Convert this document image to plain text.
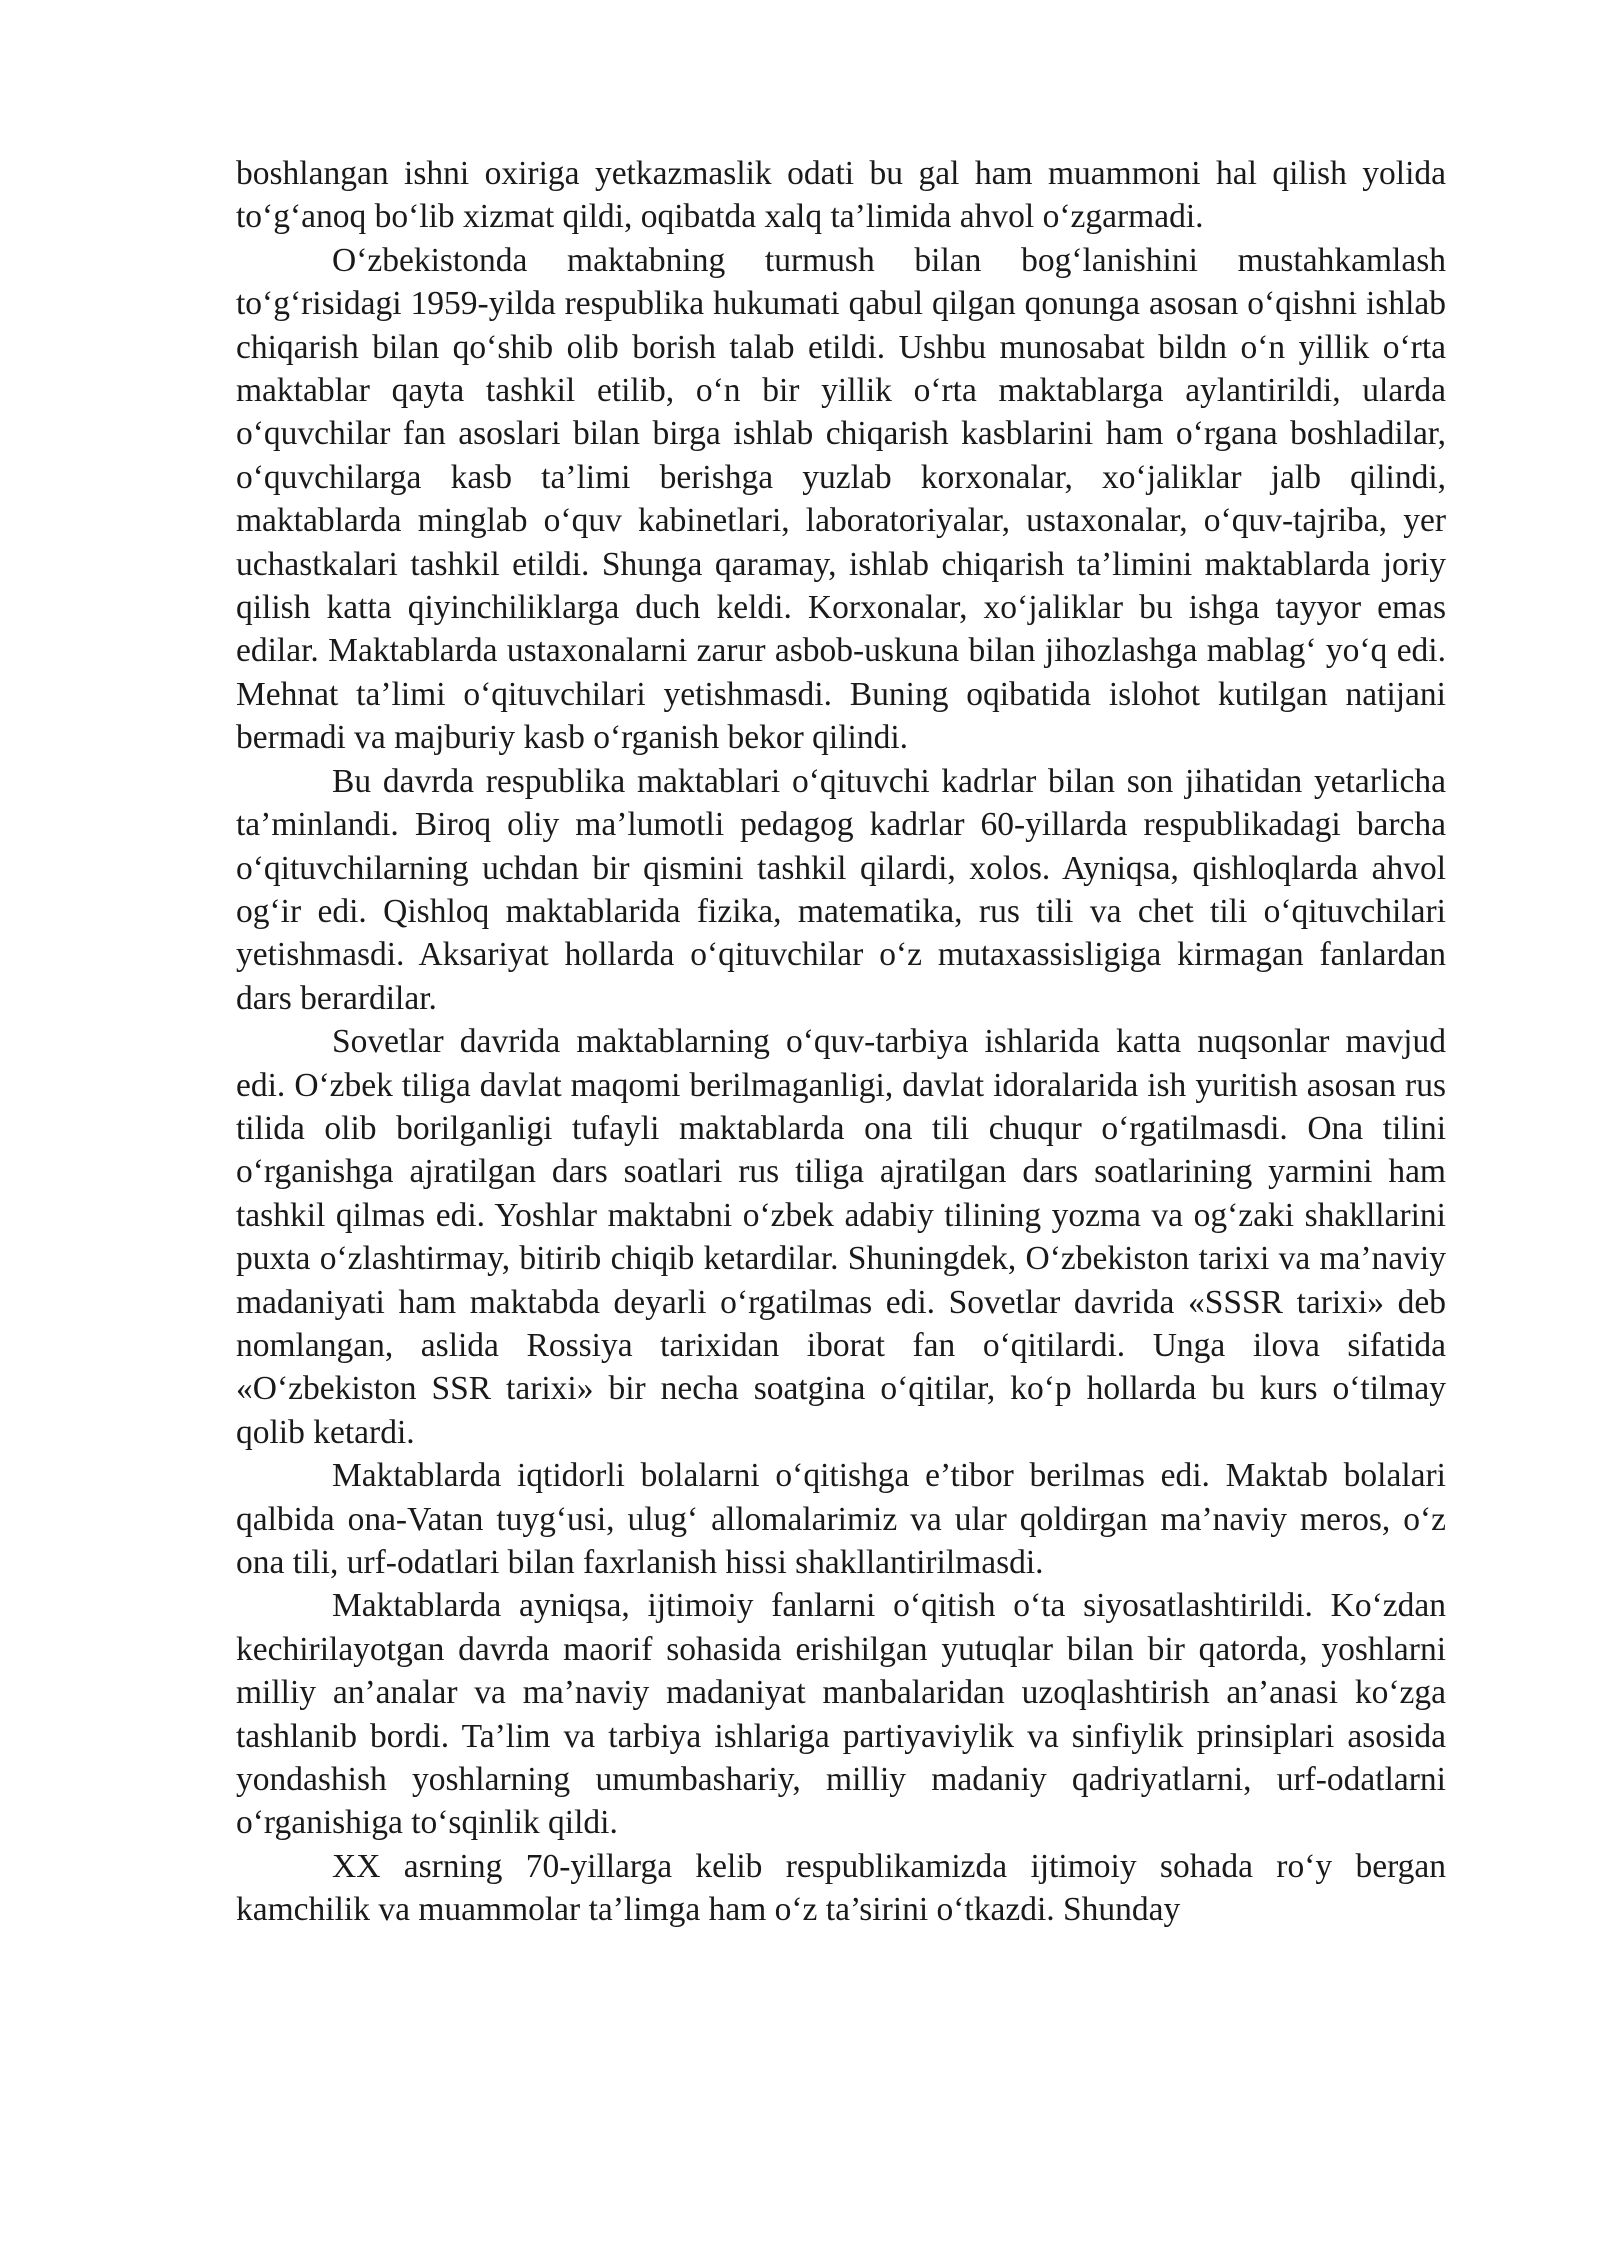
boshlangan ishni oxiriga yetkazmaslik odati bu gal ham muammoni hal qilish yolida to‘g‘anoq bo‘lib xizmat qildi, oqibatda xalq ta’limida ahvol o‘zgarmadi.

O‘zbekistonda maktabning turmush bilan bog‘lanishini mustahkamlash to‘g‘risidagi 1959-yilda respublika hukumati qabul qilgan qonunga asosan o‘qishni ishlab chiqarish bilan qo‘shib olib borish talab etildi. Ushbu munosabat bildn o‘n yillik o‘rta maktablar qayta tashkil etilib, o‘n bir yillik o‘rta maktablarga aylantirildi, ularda o‘quvchilar fan asoslari bilan birga ishlab chiqarish kasblarini ham o‘rgana boshladilar, o‘quvchilarga kasb ta’limi berishga yuzlab korxonalar, xo‘jaliklar jalb qilindi, maktablarda minglab o‘quv kabinetlari, laboratoriyalar, ustaxonalar, o‘quv-tajriba, yer uchastkalari tashkil etildi. Shunga qaramay, ishlab chiqarish ta’limini maktablarda joriy qilish katta qiyinchiliklarga duch keldi. Korxonalar, xo‘jaliklar bu ishga tayyor emas edilar. Maktablarda ustaxonalarni zarur asbob-uskuna bilan jihozlashga mablag‘ yo‘q edi. Mehnat ta’limi o‘qituvchilari yetishmasdi. Buning oqibatida islohot kutilgan natijani bermadi va majburiy kasb o‘rganish bekor qilindi.

Bu davrda respublika maktablari o‘qituvchi kadrlar bilan son jihatidan yetarlicha ta’minlandi. Biroq oliy ma’lumotli pedagog kadrlar 60-yillarda respublikadagi barcha o‘qituvchilarning uchdan bir qismini tashkil qilardi, xolos. Ayniqsa, qishloqlarda ahvol og‘ir edi. Qishloq maktablarida fizika, matematika, rus tili va chet tili o‘qituvchilari yetishmasdi. Aksariyat hollarda o‘qituvchilar o‘z mutaxassisligiga kirmagan fanlardan dars berardilar.

Sovetlar davrida maktablarning o‘quv-tarbiya ishlarida katta nuqsonlar mavjud edi. O‘zbek tiliga davlat maqomi berilmaganligi, davlat idoralarida ish yuritish asosan rus tilida olib borilganligi tufayli maktablarda ona tili chuqur o‘rgatilmasdi. Ona tilini o‘rganishga ajratilgan dars soatlari rus tiliga ajratilgan dars soatlarining yarmini ham tashkil qilmas edi. Yoshlar maktabni o‘zbek adabiy tilining yozma va og‘zaki shakllarini puxta o‘zlashtirmay, bitirib chiqib ketardilar. Shuningdek, O‘zbekiston tarixi va ma’naviy madaniyati ham maktabda deyarli o‘rgatilmas edi. Sovetlar davrida «SSSR tarixi» deb nomlangan, aslida Rossiya tarixidan iborat fan o‘qitilardi. Unga ilova sifatida «O‘zbekiston SSR tarixi» bir necha soatgina o‘qitilar, ko‘p hollarda bu kurs o‘tilmay qolib ketardi.

Maktablarda iqtidorli bolalarni o‘qitishga e’tibor berilmas edi. Maktab bolalari qalbida ona-Vatan tuyg‘usi, ulug‘ allomalarimiz va ular qoldirgan ma’naviy meros, o‘z ona tili, urf-odatlari bilan faxrlanish hissi shakllantirilmasdi.

Maktablarda ayniqsa, ijtimoiy fanlarni o‘qitish o‘ta siyosatlashtirildi. Ko‘zdan kechirilayotgan davrda maorif sohasida erishilgan yutuqlar bilan bir qatorda, yoshlarni milliy an’analar va ma’naviy madaniyat manbalaridan uzoqlashtirish an’anasi ko‘zga tashlanib bordi. Ta’lim va tarbiya ishlariga partiyaviylik va sinfiylik prinsiplari asosida yondashish yoshlarning umumbashariy, milliy madaniy qadriyatlarni, urf-odatlarni o‘rganishiga to‘sqinlik qildi.

XX asrning 70-yillarga kelib respublikamizda ijtimoiy sohada ro‘y bergan kamchilik va muammolar ta’limga ham o‘z ta’sirini o‘tkazdi. Shunday
